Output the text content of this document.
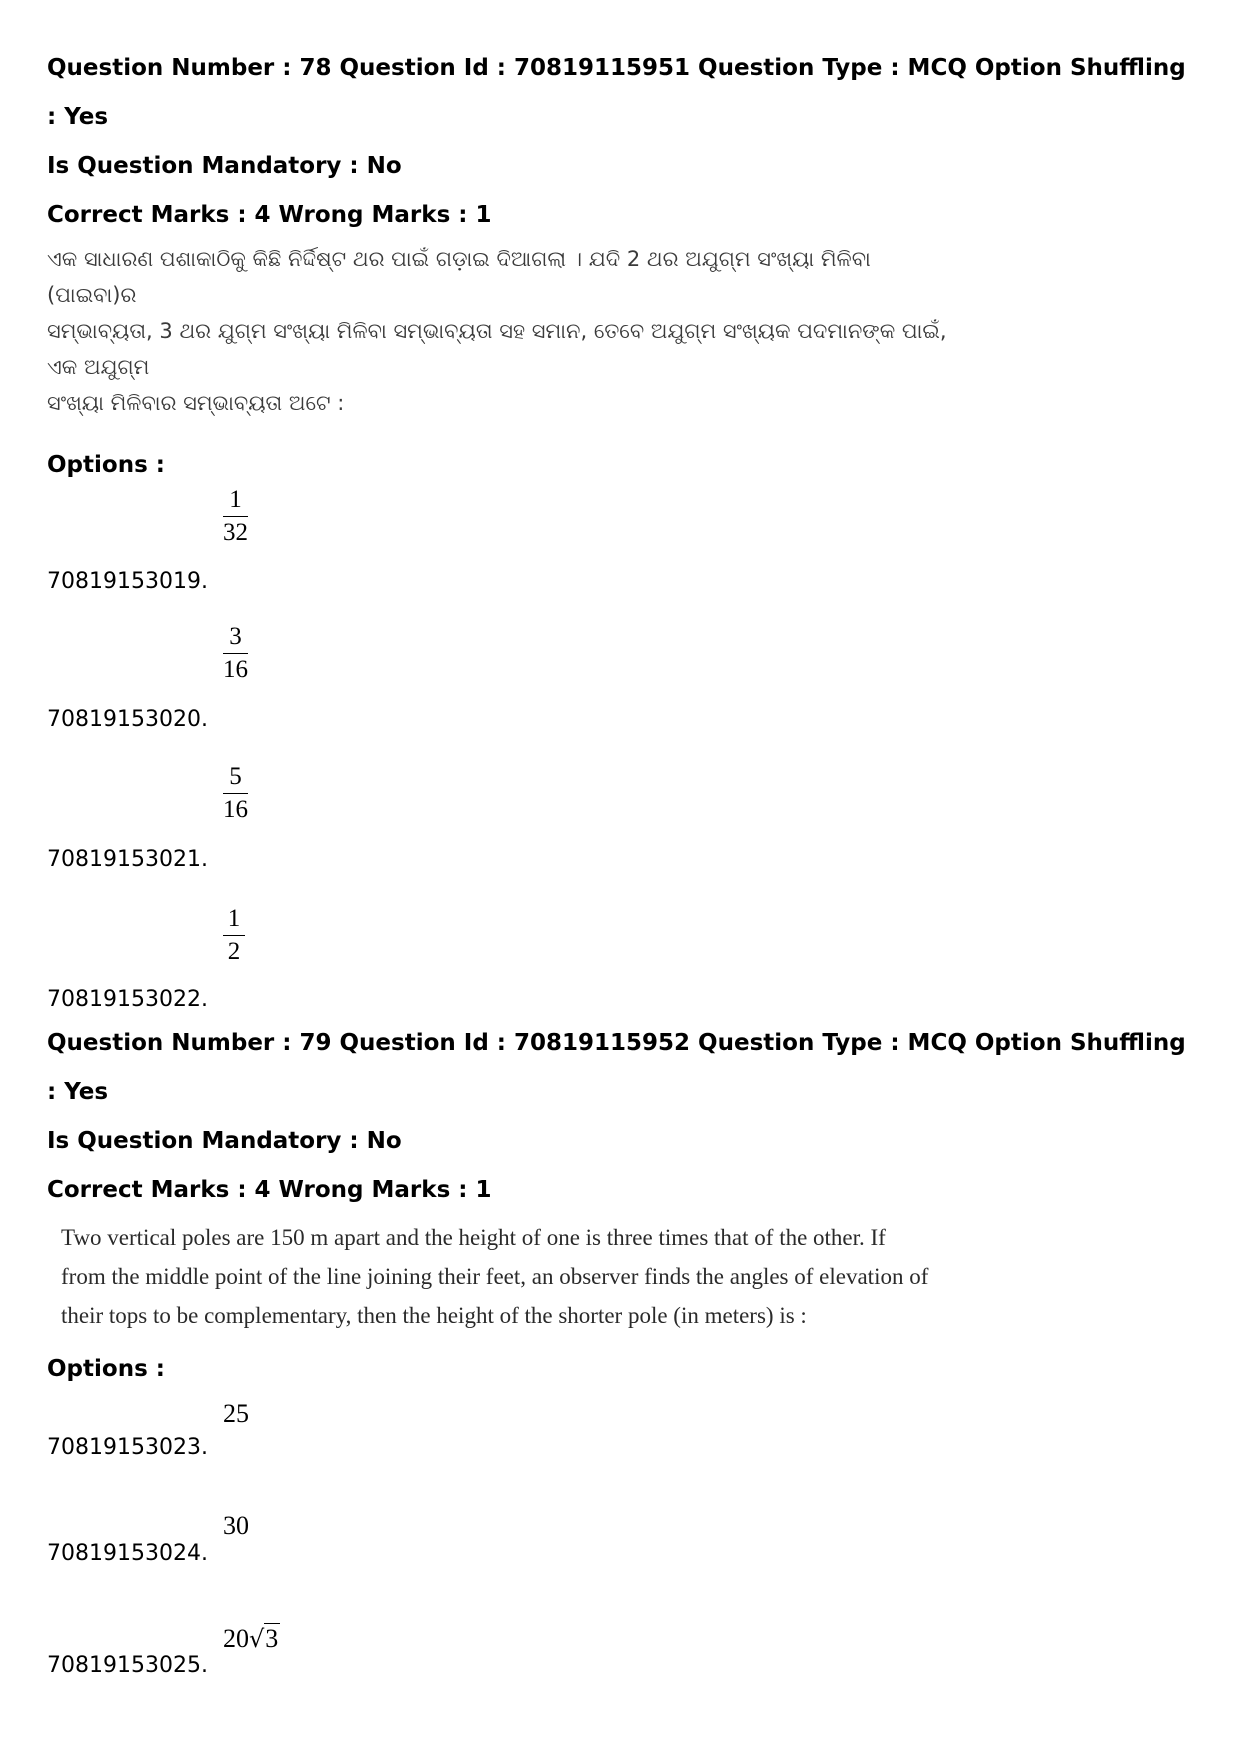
Question Number : 78 Question Id : 70819115951 Question Type : MCQ Option Shuffling : Yes
Is Question Mandatory : No
Correct Marks : 4 Wrong Marks : 1
ଏକ ସାଧାରଣ ପଶାକାଠିକୁ କିଛି ନିର୍ଦ୍ଦିଷ୍ଟ ଥର ପାଇଁ ଗଡ଼ାଇ ଦିଆଗଲା । ଯଦି 2 ଥର ଅଯୁଗ୍ମ ସଂଖ୍ୟା ମିଳିବା (ପାଇବା)ର
ସମ୍ଭାବ୍ୟତା, 3 ଥର ଯୁଗ୍ମ ସଂଖ୍ୟା ମିଳିବା ସମ୍ଭାବ୍ୟତା ସହ ସମାନ, ତେବେ ଅଯୁଗ୍ମ ସଂଖ୍ୟକ ପଦମାନଙ୍କ ପାଇଁ, ଏକ ଅଯୁଗ୍ମ
ସଂଖ୍ୟା ମିଳିବାର ସମ୍ଭାବ୍ୟତା ଅଟେ :
Options :
1
32
70819153019.
3
16
70819153020.
5
16
70819153021.
1
2
70819153022.
Question Number : 79 Question Id : 70819115952 Question Type : MCQ Option Shuffling : Yes
Is Question Mandatory : No
Correct Marks : 4 Wrong Marks : 1
Two vertical poles are 150 m apart and the height of one is three times that of the other. If
from the middle point of the line joining their feet, an observer finds the angles of elevation of
their tops to be complementary, then the height of the shorter pole (in meters) is :
Options :
25
70819153023.
30
70819153024.
20√3
70819153025.
